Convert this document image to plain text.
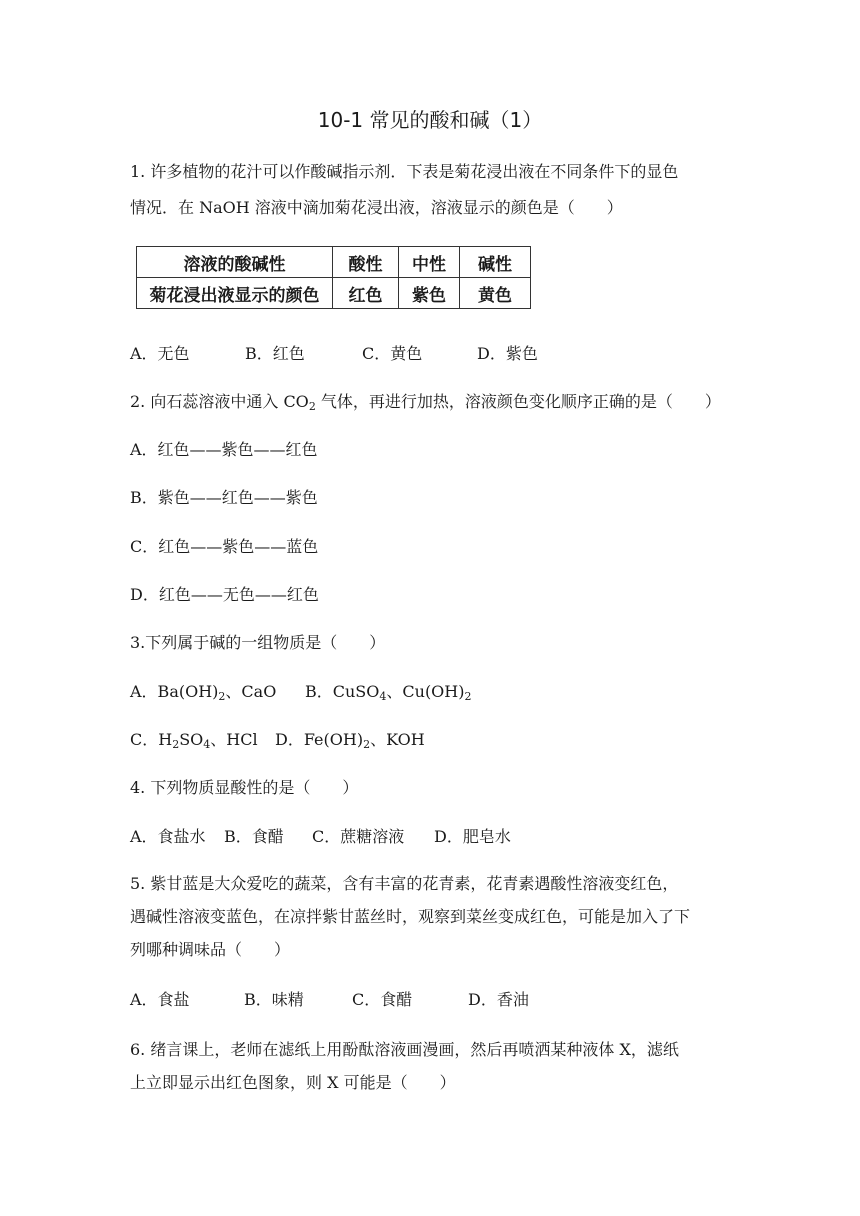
10-1 常见的酸和碱（1）
1. 许多植物的花汁可以作酸碱指示剂．下表是菊花浸出液在不同条件下的显色
情况．在 NaOH 溶液中滴加菊花浸出液，溶液显示的颜色是（　　）
溶液的酸碱性	酸性	中性	碱性
菊花浸出液显示的颜色	红色	紫色	黄色
A．无色	B．红色	C．黄色	D．紫色
2. 向石蕊溶液中通入 $CO_2$ 气体，再进行加热，溶液颜色变化顺序正确的是（　　）
A．红色——紫色——红色
B．紫色——红色——紫色
C．红色——紫色——蓝色
D．红色——无色——红色
3.下列属于碱的一组物质是（　　）
A．$Ba(OH)_2$、CaO B．CuSO$_4$、$Cu(OH)_2$
C．$H_2SO_4$、HCl D．$Fe(OH)_2$、KOH
4. 下列物质显酸性的是（　　）
A．食盐水	B．食醋	C．蔗糖溶液	D．肥皂水
5. 紫甘蓝是大众爱吃的蔬菜，含有丰富的花青素，花青素遇酸性溶液变红色，
遇碱性溶液变蓝色，在凉拌紫甘蓝丝时，观察到菜丝变成红色，可能是加入了下
列哪种调味品（　　）
A．食盐	B．味精	C．食醋	D．香油
6. 绪言课上，老师在滤纸上用酚酞溶液画漫画，然后再喷洒某种液体 X，滤纸
上立即显示出红色图象，则 X 可能是（　　）
